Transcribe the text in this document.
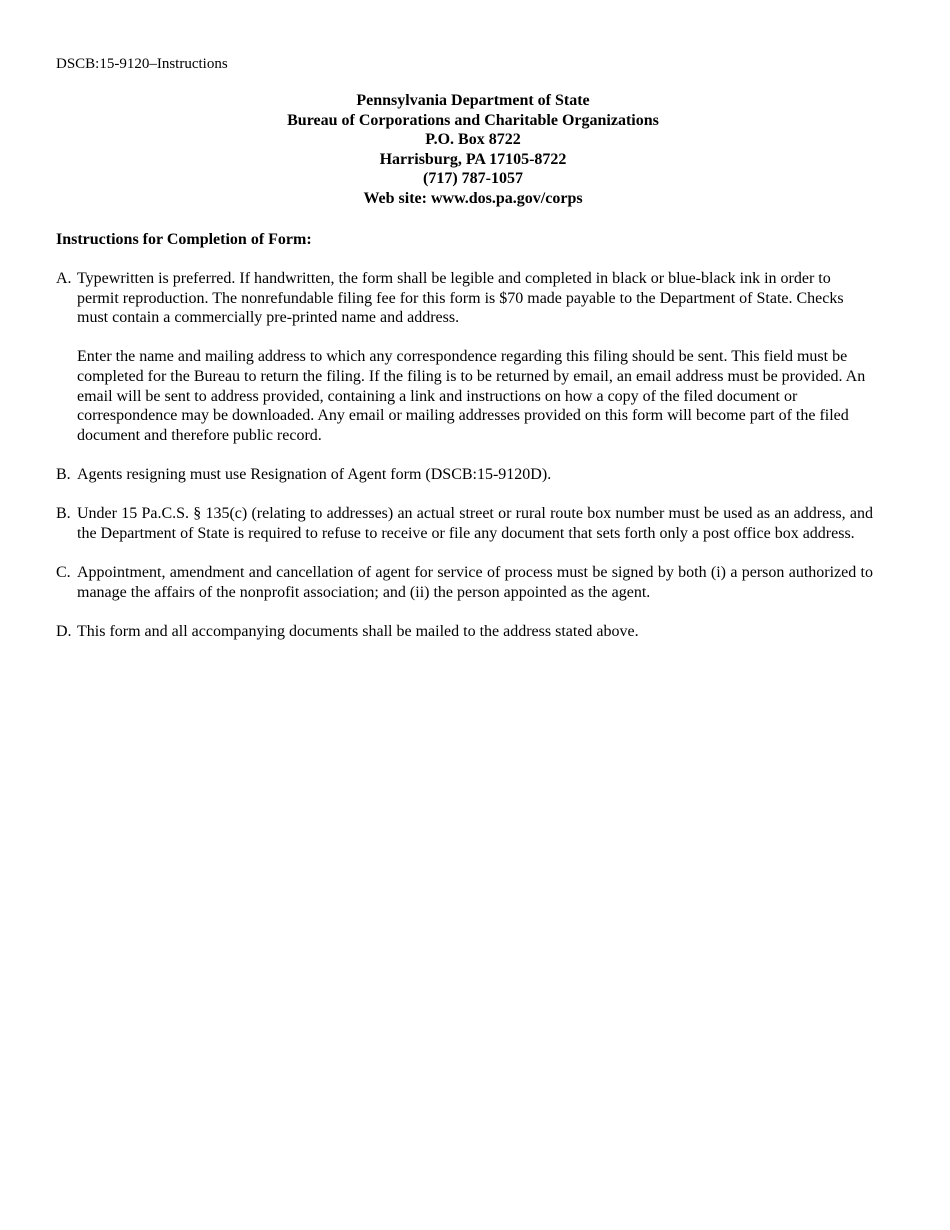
DSCB:15-9120–Instructions
Pennsylvania Department of State
Bureau of Corporations and Charitable Organizations
P.O. Box 8722
Harrisburg, PA 17105-8722
(717) 787-1057
Web site: www.dos.pa.gov/corps
Instructions for Completion of Form:
A. Typewritten is preferred. If handwritten, the form shall be legible and completed in black or blue-black ink in order to permit reproduction. The nonrefundable filing fee for this form is $70 made payable to the Department of State. Checks must contain a commercially pre-printed name and address.

Enter the name and mailing address to which any correspondence regarding this filing should be sent. This field must be completed for the Bureau to return the filing. If the filing is to be returned by email, an email address must be provided. An email will be sent to address provided, containing a link and instructions on how a copy of the filed document or correspondence may be downloaded. Any email or mailing addresses provided on this form will become part of the filed document and therefore public record.

B. Agents resigning must use Resignation of Agent form (DSCB:15-9120D).

B. Under 15 Pa.C.S. § 135(c) (relating to addresses) an actual street or rural route box number must be used as an address, and the Department of State is required to refuse to receive or file any document that sets forth only a post office box address.

C. Appointment, amendment and cancellation of agent for service of process must be signed by both (i) a person authorized to manage the affairs of the nonprofit association; and (ii) the person appointed as the agent.

D. This form and all accompanying documents shall be mailed to the address stated above.
